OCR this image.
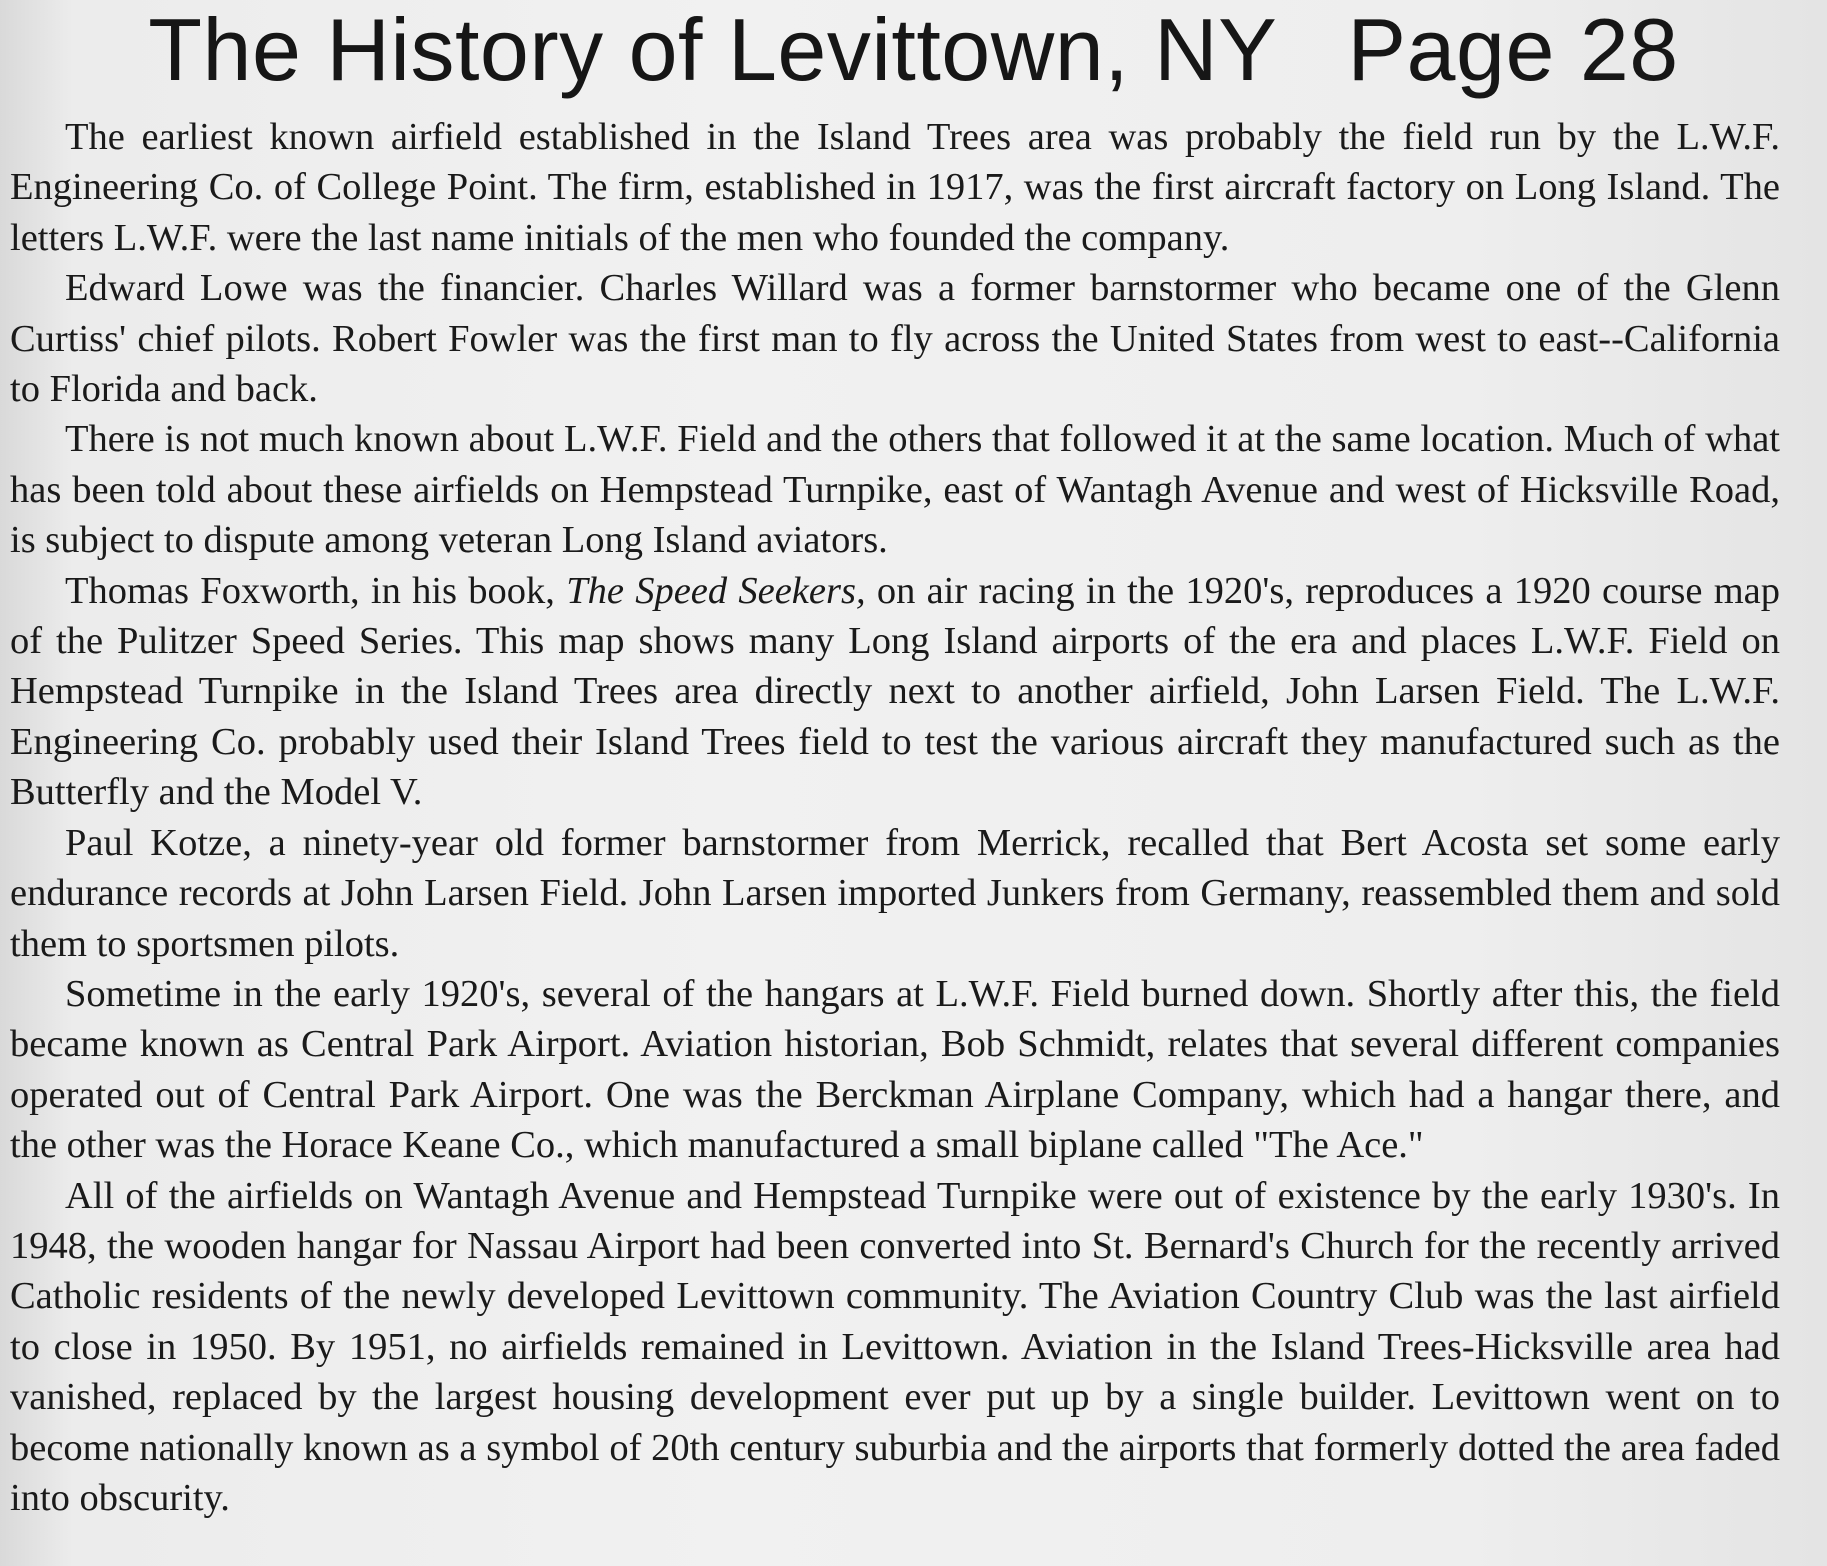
The History of Levittown, NY Page 28

The earliest known airfield established in the Island Trees area was probably the field run by the L.W.F. Engineering Co. of College Point. The firm, established in 1917, was the first aircraft factory on Long Island. The letters L.W.F. were the last name initials of the men who founded the company.

Edward Lowe was the financier. Charles Willard was a former barnstormer who became one of the Glenn Curtiss' chief pilots. Robert Fowler was the first man to fly across the United States from west to east--California to Florida and back.

There is not much known about L.W.F. Field and the others that followed it at the same location. Much of what has been told about these airfields on Hempstead Turnpike, east of Wantagh Avenue and west of Hicksville Road, is subject to dispute among veteran Long Island aviators.

Thomas Foxworth, in his book, The Speed Seekers, on air racing in the 1920's, reproduces a 1920 course map of the Pulitzer Speed Series. This map shows many Long Island airports of the era and places L.W.F. Field on Hempstead Turnpike in the Island Trees area directly next to another airfield, John Larsen Field. The L.W.F. Engineering Co. probably used their Island Trees field to test the various aircraft they manufactured such as the Butterfly and the Model V.

Paul Kotze, a ninety-year old former barnstormer from Merrick, recalled that Bert Acosta set some early endurance records at John Larsen Field. John Larsen imported Junkers from Germany, reassembled them and sold them to sportsmen pilots.

Sometime in the early 1920's, several of the hangars at L.W.F. Field burned down. Shortly after this, the field became known as Central Park Airport. Aviation historian, Bob Schmidt, relates that several different companies operated out of Central Park Airport. One was the Berckman Airplane Company, which had a hangar there, and the other was the Horace Keane Co., which manufactured a small biplane called "The Ace."

All of the airfields on Wantagh Avenue and Hempstead Turnpike were out of existence by the early 1930's. In 1948, the wooden hangar for Nassau Airport had been converted into St. Bernard's Church for the recently arrived Catholic residents of the newly developed Levittown community. The Aviation Country Club was the last airfield to close in 1950. By 1951, no airfields remained in Levittown. Aviation in the Island Trees-Hicksville area had vanished, replaced by the largest housing development ever put up by a single builder. Levittown went on to become nationally known as a symbol of 20th century suburbia and the airports that formerly dotted the area faded into obscurity.
